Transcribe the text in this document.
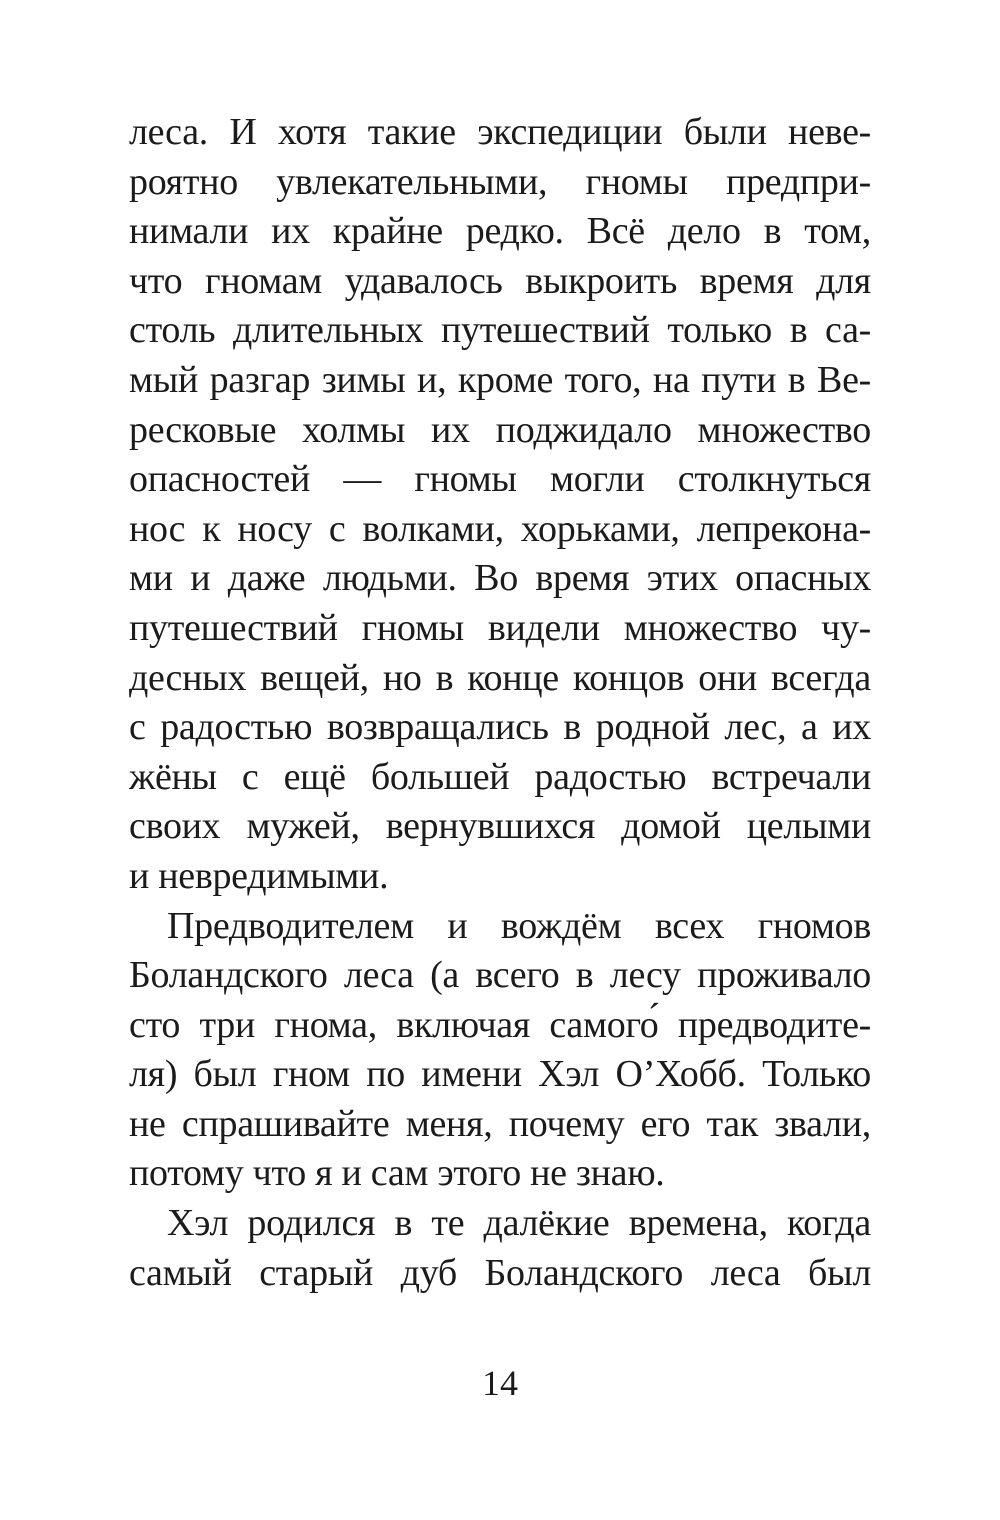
леса. И хотя такие экспедиции были неве-
роятно увлекательными, гномы предпри-
нимали их крайне редко. Всё дело в том,
что гномам удавалось выкроить время для
столь длительных путешествий только в са-
мый разгар зимы и, кроме того, на пути в Ве-
ресковые холмы их поджидало множество
опасностей — гномы могли столкнуться
нос к носу с волками, хорьками, лепрекона-
ми и даже людьми. Во время этих опасных
путешествий гномы видели множество чу-
десных вещей, но в конце концов они всегда
с радостью возвращались в родной лес, а их
жёны с ещё большей радостью встречали
своих мужей, вернувшихся домой целыми
и невредимыми.
Предводителем и вождём всех гномов
Боландского леса (а всего в лесу проживало
сто три гнома, включая самого́ предводите-
ля) был гном по имени Хэл О’Хобб. Только
не спрашивайте меня, почему его так звали,
потому что я и сам этого не знаю.
Хэл родился в те далёкие времена, когда
самый старый дуб Боландского леса был
14
